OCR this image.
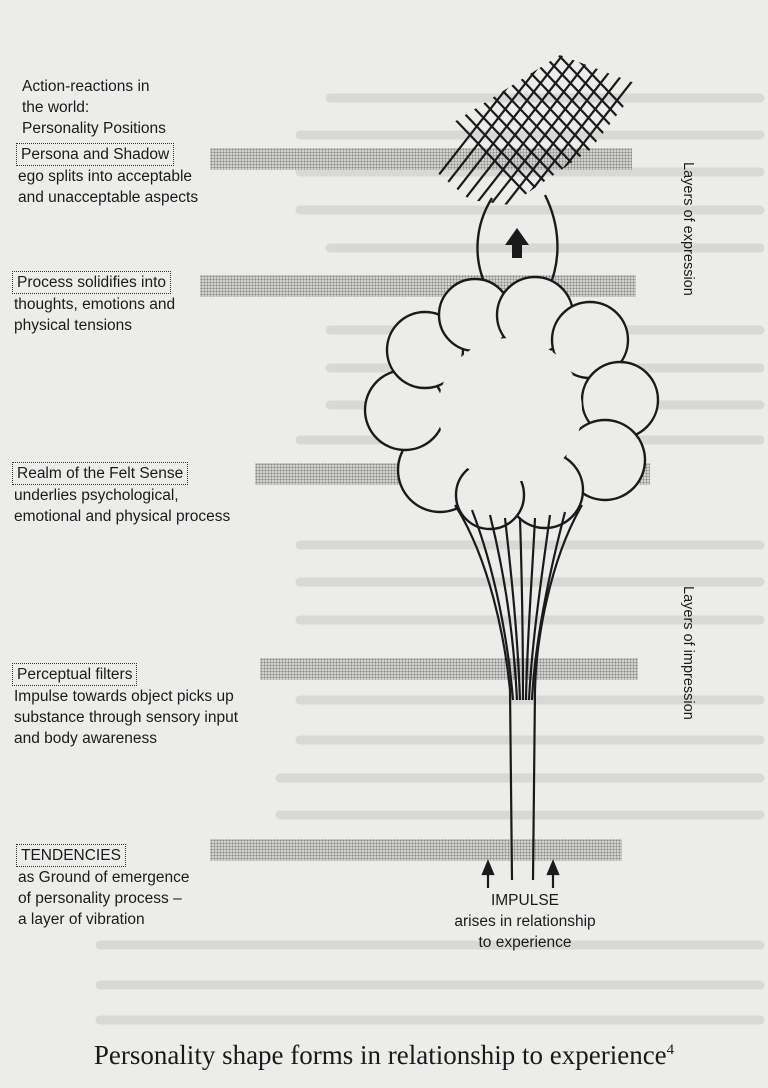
Action-reactions in
the world:
Personality Positions
Persona and Shadow
ego splits into acceptable
and unacceptable aspects
Process solidifies into
thoughts, emotions and
physical tensions
Realm of the Felt Sense
underlies psychological,
emotional and physical process
Perceptual filters
Impulse towards object picks up
substance through sensory input
and body awareness
TENDENCIES
as Ground of emergence
of personality process –
a layer of vibration
Layers of expression
Layers of impression
IMPULSE
arises in relationship
to experience
Personality shape forms in relationship to experience$^4$
